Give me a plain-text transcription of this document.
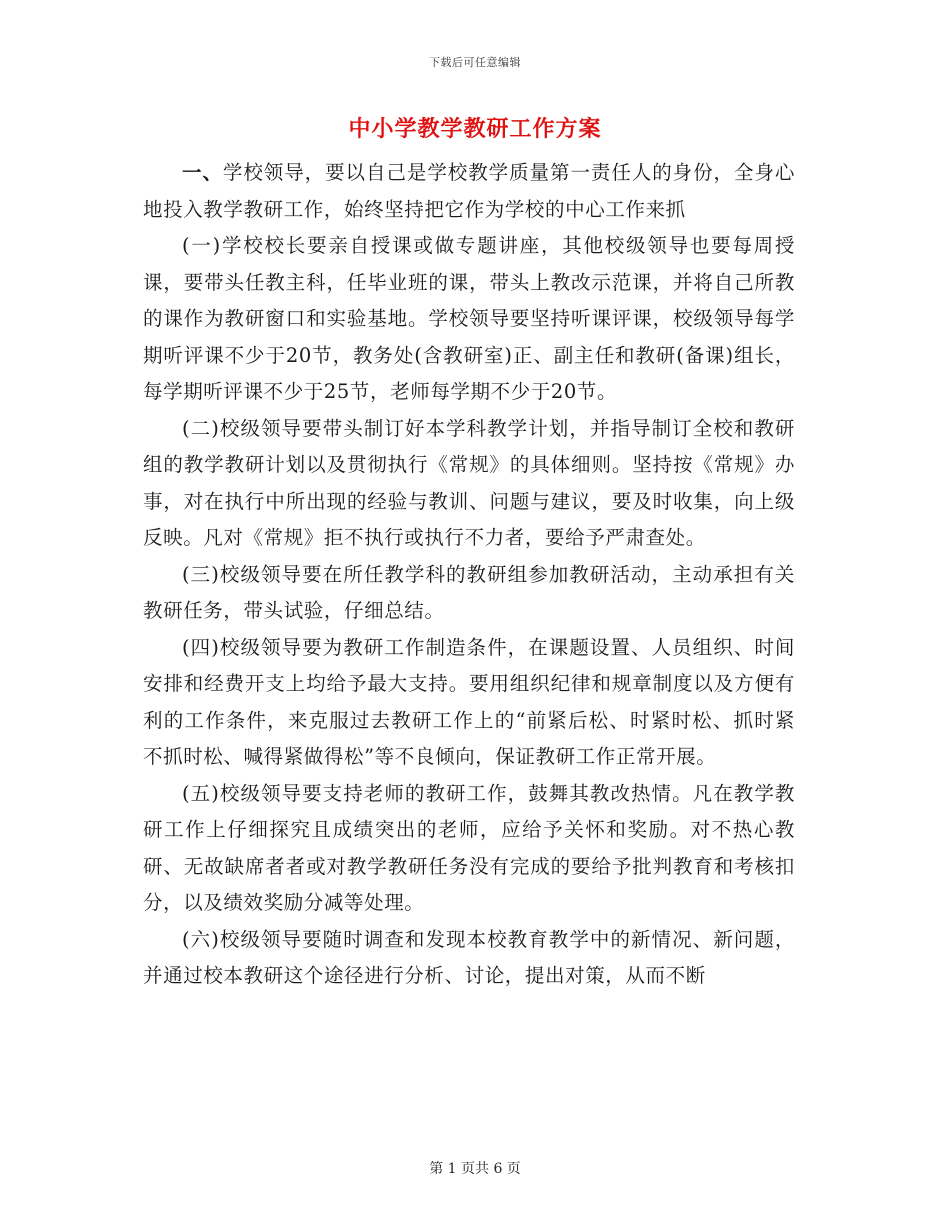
下载后可任意编辑
中小学教学教研工作方案

一、学校领导，要以自己是学校教学质量第一责任人的身份，全身心地投入教学教研工作，始终坚持把它作为学校的中心工作来抓

(一)学校校长要亲自授课或做专题讲座，其他校级领导也要每周授课，要带头任教主科，任毕业班的课，带头上教改示范课，并将自己所教的课作为教研窗口和实验基地。学校领导要坚持听课评课，校级领导每学期听评课不少于20节，教务处(含教研室)正、副主任和教研(备课)组长，每学期听评课不少于25节，老师每学期不少于20节。

(二)校级领导要带头制订好本学科教学计划，并指导制订全校和教研组的教学教研计划以及贯彻执行《常规》的具体细则。坚持按《常规》办事，对在执行中所出现的经验与教训、问题与建议，要及时收集，向上级反映。凡对《常规》拒不执行或执行不力者，要给予严肃查处。

(三)校级领导要在所任教学科的教研组参加教研活动，主动承担有关教研任务，带头试验，仔细总结。

(四)校级领导要为教研工作制造条件，在课题设置、人员组织、时间安排和经费开支上均给予最大支持。要用组织纪律和规章制度以及方便有利的工作条件，来克服过去教研工作上的“前紧后松、时紧时松、抓时紧不抓时松、喊得紧做得松”等不良倾向，保证教研工作正常开展。

(五)校级领导要支持老师的教研工作，鼓舞其教改热情。凡在教学教研工作上仔细探究且成绩突出的老师，应给予关怀和奖励。对不热心教研、无故缺席者者或对教学教研任务没有完成的要给予批判教育和考核扣分，以及绩效奖励分减等处理。

(六)校级领导要随时调查和发现本校教育教学中的新情况、新问题，并通过校本教研这个途径进行分析、讨论，提出对策，从而不断

第 1 页共 6 页
